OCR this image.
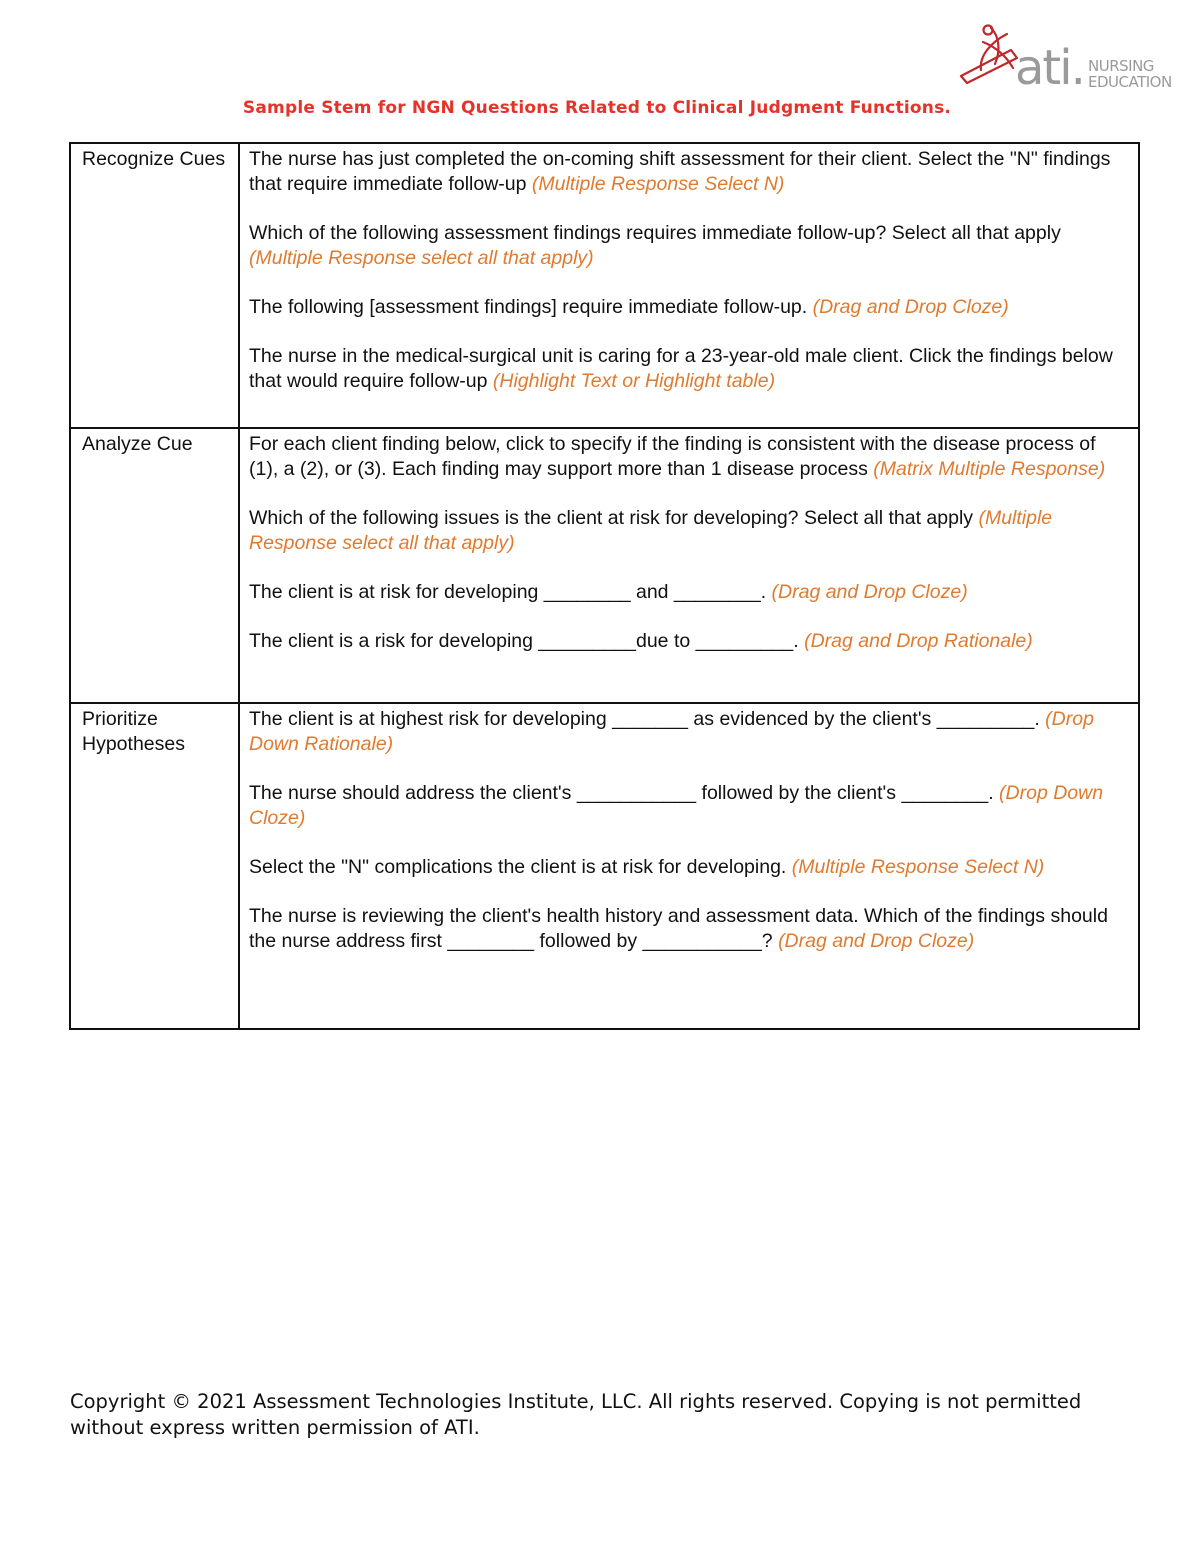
ati. NURSING
EDUCATION
Sample Stem for NGN Questions Related to Clinical Judgment Functions.
Recognize Cues	The nurse has just completed the on-coming shift assessment for their client. Select the "N" findings that require immediate follow-up (Multiple Response Select N)

Which of the following assessment findings requires immediate follow-up? Select all that apply (Multiple Response select all that apply)

The following [assessment findings] require immediate follow-up. (Drag and Drop Cloze)

The nurse in the medical-surgical unit is caring for a 23-year-old male client. Click the findings below that would require follow-up (Highlight Text or Highlight table)

Analyze Cue	For each client finding below, click to specify if the finding is consistent with the disease process of (1), a (2), or (3). Each finding may support more than 1 disease process (Matrix Multiple Response)

Which of the following issues is the client at risk for developing? Select all that apply (Multiple Response select all that apply)

The client is at risk for developing ________ and ________. (Drag and Drop Cloze)

The client is a risk for developing _________due to _________. (Drag and Drop Rationale)

Prioritize Hypotheses	The client is at highest risk for developing _______ as evidenced by the client's _________. (Drop Down Rationale)

The nurse should address the client's ___________ followed by the client's ________. (Drop Down Cloze)

Select the "N" complications the client is at risk for developing. (Multiple Response Select N)

The nurse is reviewing the client's health history and assessment data. Which of the findings should the nurse address first ________ followed by ___________? (Drag and Drop Cloze)

Copyright © 2021 Assessment Technologies Institute, LLC. All rights reserved. Copying is not permitted without express written permission of ATI.
